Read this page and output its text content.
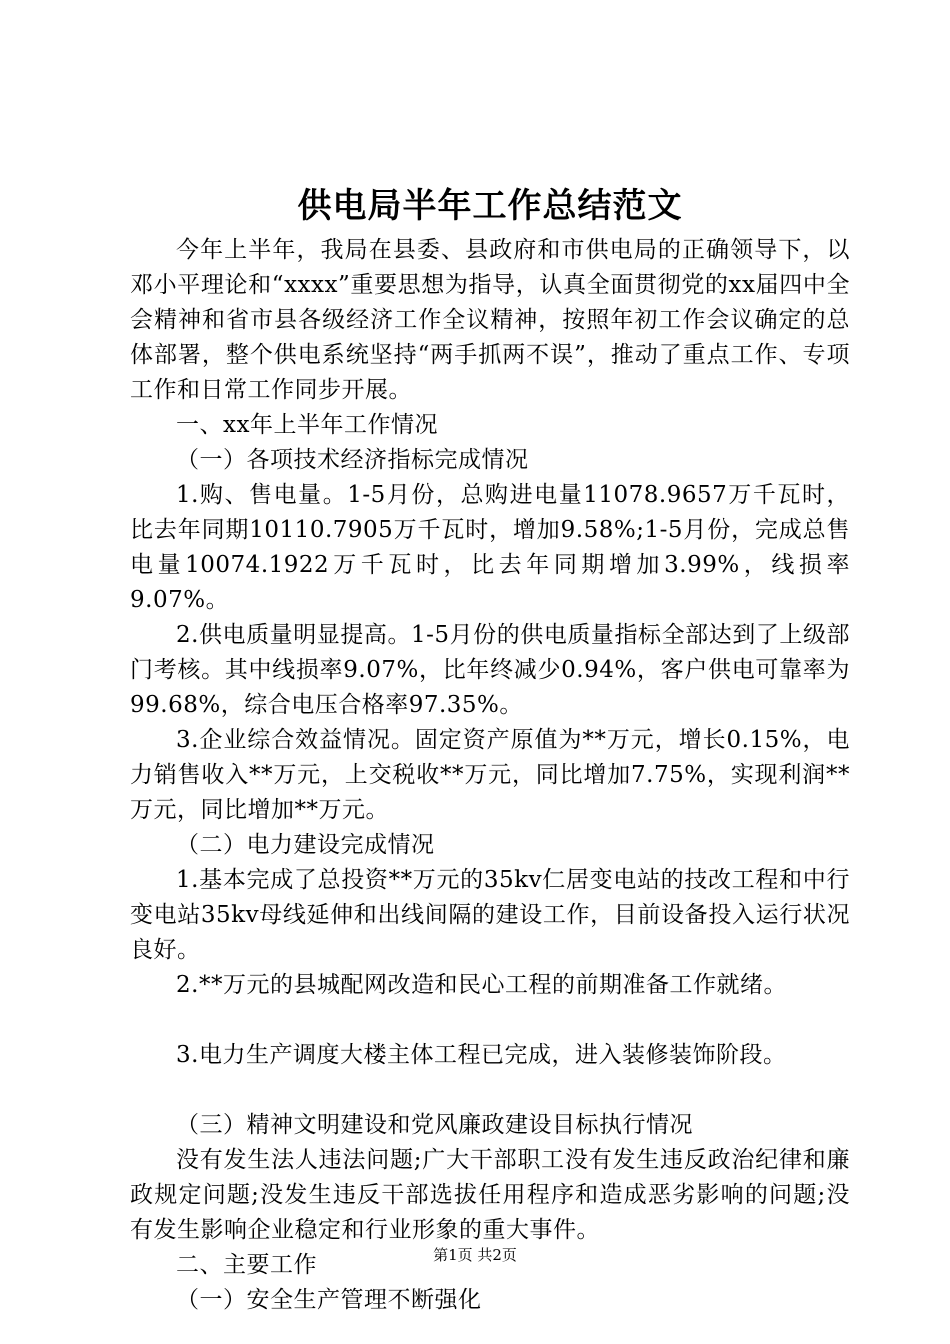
供电局半年工作总结范文

今年上半年，我局在县委、县政府和市供电局的正确领导下，以邓小平理论和“xxxx”重要思想为指导，认真全面贯彻党的xx届四中全会精神和省市县各级经济工作全议精神，按照年初工作会议确定的总体部署，整个供电系统坚持“两手抓两不误”，推动了重点工作、专项工作和日常工作同步开展。

一、xx年上半年工作情况

（一）各项技术经济指标完成情况

1.购、售电量。1-5月份，总购进电量11078.9657万千瓦时，比去年同期10110.7905万千瓦时，增加9.58%;1-5月份，完成总售电量10074.1922万千瓦时，比去年同期增加3.99%，线损率9.07%。

2.供电质量明显提高。1-5月份的供电质量指标全部达到了上级部门考核。其中线损率9.07%，比年终减少0.94%，客户供电可靠率为99.68%，综合电压合格率97.35%。

3.企业综合效益情况。固定资产原值为**万元，增长0.15%，电力销售收入**万元，上交税收**万元，同比增加7.75%，实现利润**万元，同比增加**万元。

（二）电力建设完成情况

1.基本完成了总投资**万元的35kv仁居变电站的技改工程和中行变电站35kv母线延伸和出线间隔的建设工作，目前设备投入运行状况良好。

2.**万元的县城配网改造和民心工程的前期准备工作就绪。

3.电力生产调度大楼主体工程已完成，进入装修装饰阶段。

（三）精神文明建设和党风廉政建设目标执行情况

没有发生法人违法问题;广大干部职工没有发生违反政治纪律和廉政规定问题;没发生违反干部选拔任用程序和造成恶劣影响的问题;没有发生影响企业稳定和行业形象的重大事件。

二、主要工作

（一）安全生产管理不断强化

第1页 共2页
